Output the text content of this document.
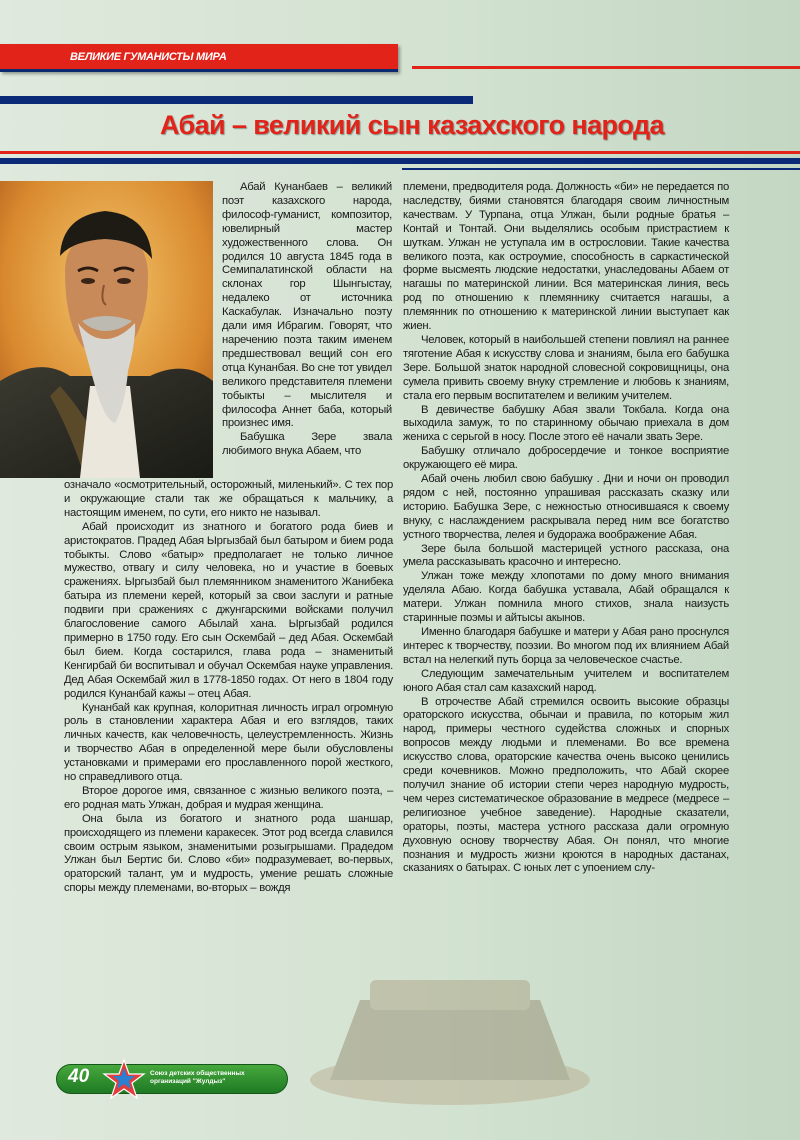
ВЕЛИКИЕ ГУМАНИСТЫ МИРА
Абай – великий сын казахского народа

Абай Кунанбаев – великий поэт казахского народа, философ-гуманист, композитор, ювелирный мастер художественного слова. Он родился 10 августа 1845 года в Семипалатинской области на склонах гор Шынгыстау, недалеко от источника Каскабулак. Изначально поэту дали имя Ибрагим. Говорят, что наречению поэта таким именем предшествовал вещий сон его отца Кунанбая. Во сне тот увидел великого представителя племени тобыкты – мыслителя и философа Аннет баба, который произнес имя.

Бабушка Зере звала любимого внука Абаем, что

означало «осмотрительный, осторожный, миленький». С тех пор и окружающие стали так же обращаться к мальчику, а настоящим именем, по сути, его никто не называл.

Абай происходит из знатного и богатого рода биев и аристократов. Прадед Абая Ыргызбай был батыром и бием рода тобыкты. Слово «батыр» предполагает не только личное мужество, отвагу и силу человека, но и участие в боевых сражениях. Ыргызбай был племянником знаменитого Жанибека батыра из племени керей, который за свои заслуги и ратные подвиги при сражениях с джунгарскими войсками получил благословение самого Абылай хана. Ыргызбай родился примерно в 1750 году. Его сын Оскембай – дед Абая. Оскембай был бием. Когда состарился, глава рода – знаменитый Кенгирбай би воспитывал и обучал Оскембая науке управления. Дед Абая Оскембай жил в 1778-1850 годах. От него в 1804 году родился Кунанбай кажы – отец Абая.

Кунанбай как крупная, колоритная личность играл огромную роль в становлении характера Абая и его взглядов, таких личных качеств, как человечность, целеустремленность. Жизнь и творчество Абая в определенной мере были обусловлены установками и примерами его прославленного порой жесткого, но справедливого отца.

Второе дорогое имя, связанное с жизнью великого поэта, – его родная мать Улжан, добрая и мудрая женщина.

Она была из богатого и знатного рода шаншар, происходящего из племени каракесек. Этот род всегда славился своим острым языком, знаменитыми розыгрышами. Прадедом Улжан был Бертис би. Слово «би» подразумевает, во-первых, ораторский талант, ум и мудрость, умение решать сложные споры между племенами, во-вторых – вождя

племени, предводителя рода. Должность «би» не передается по наследству, биями становятся благодаря своим личностным качествам. У Турпана, отца Улжан, были родные братья – Контай и Тонтай. Они выделялись особым пристрастием к шуткам. Улжан не уступала им в острословии. Такие качества великого поэта, как остроумие, способность в саркастической форме высмеять людские недостатки, унаследованы Абаем от нагашы по материнской линии. Вся материнская линия, весь род по отношению к племяннику считается нагашы, а племянник по отношению к материнской линии выступает как жиен.

Человек, который в наибольшей степени повлиял на раннее тяготение Абая к искусству слова и знаниям, была его бабушка Зере. Большой знаток народной словесной сокровищницы, она сумела привить своему внуку стремление и любовь к знаниям, стала его первым воспитателем и великим учителем.

В девичестве бабушку Абая звали Токбала. Когда она выходила замуж, то по старинному обычаю приехала в дом жениха с серьгой в носу. После этого её начали звать Зере.

Бабушку отличало добросердечие и тонкое восприятие окружающего её мира.

Абай очень любил свою бабушку . Дни и ночи он проводил рядом с ней, постоянно упрашивая рассказать сказку или историю. Бабушка Зере, с нежностью относившаяся к своему внуку, с наслаждением раскрывала перед ним все богатство устного творчества, лелея и будоража воображение Абая.

Зере была большой мастерицей устного рассказа, она умела рассказывать красочно и интересно.

Улжан тоже между хлопотами по дому много внимания уделяла Абаю. Когда бабушка уставала, Абай обращался к матери. Улжан помнила много стихов, знала наизусть старинные поэмы и айтысы акынов.

Именно благодаря бабушке и матери у Абая рано проснулся интерес к творчеству, поэзии. Во многом под их влиянием Абай встал на нелегкий путь борца за человеческое счастье.

Следующим замечательным учителем и воспитателем юного Абая стал сам казахский народ.

В отрочестве Абай стремился освоить высокие образцы ораторского искусства, обычаи и правила, по которым жил народ, примеры честного судейства сложных и спорных вопросов между людьми и племенами. Во все времена искусство слова, ораторские качества очень высоко ценились среди кочевников. Можно предположить, что Абай скорее получил знание об истории степи через народную мудрость, чем через систематическое образование в медресе (медресе – религиозное учебное заведение). Народные сказатели, ораторы, поэты, мастера устного рассказа дали огромную духовную основу творчеству Абая. Он понял, что многие познания и мудрость жизни кроются в народных дастанах, сказаниях о батырах. С юных лет с упоением слу-

40	Союз детских общественных
организаций "Жулдыз"
